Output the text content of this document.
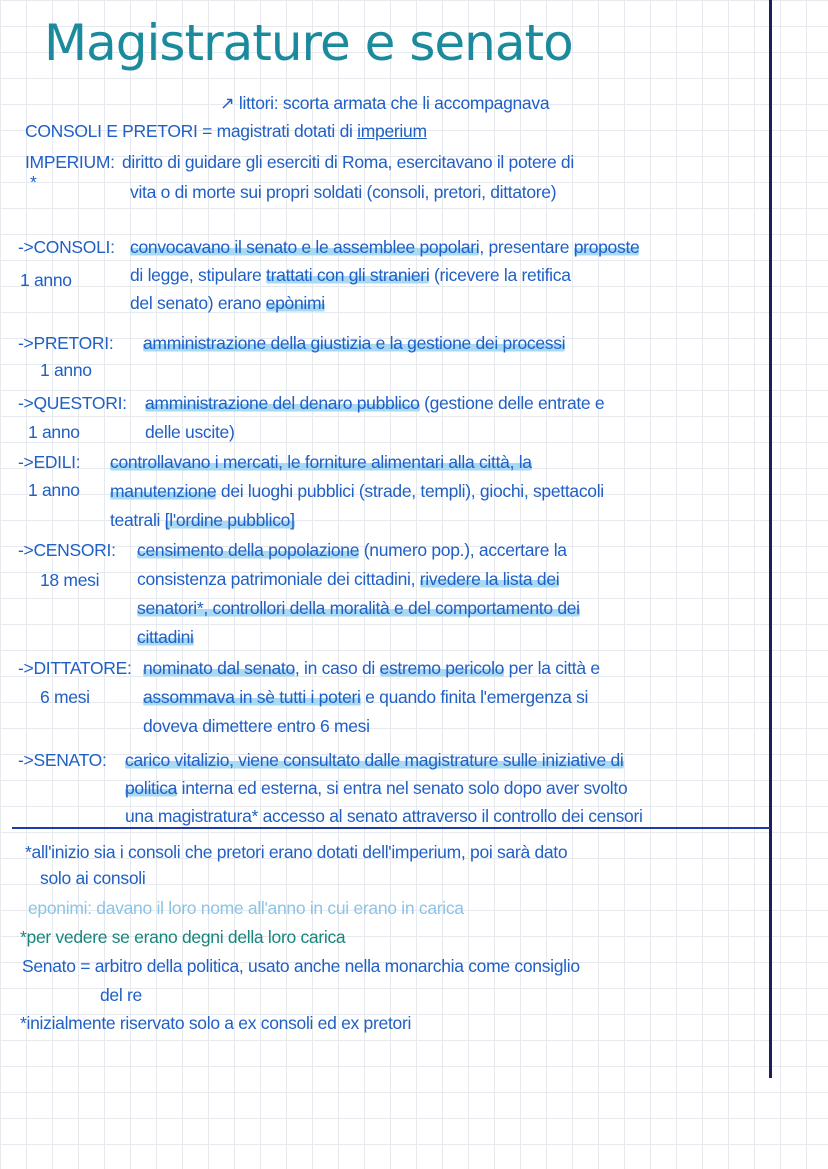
Magistrature e senato
↗ littori: scorta armata che li accompagnava
CONSOLI E PRETORI = magistrati dotati di imperium
IMPERIUM:
*
diritto di guidare gli eserciti di Roma, esercitavano il potere di
vita o di morte sui propri soldati (consoli, pretori, dittatore)
->CONSOLI:
1 anno
convocavano il senato e le assemblee popolari, presentare proposte
di legge, stipulare trattati con gli stranieri (ricevere la retifica
del senato) erano epònimi
->PRETORI:
1 anno
amministrazione della giustizia e la gestione dei processi
->QUESTORI:
1 anno
amministrazione del denaro pubblico (gestione delle entrate e
delle uscite)
->EDILI:
1 anno
controllavano i mercati, le forniture alimentari alla città, la
manutenzione dei luoghi pubblici (strade, templi), giochi, spettacoli
teatrali [l'ordine pubblico]
->CENSORI:
18 mesi
censimento della popolazione (numero pop.), accertare la
consistenza patrimoniale dei cittadini, rivedere la lista dei
senatori*, controllori della moralità e del comportamento dei
cittadini
->DITTATORE:
6 mesi
nominato dal senato, in caso di estremo pericolo per la città e
assommava in sè tutti i poteri e quando finita l'emergenza si
doveva dimettere entro 6 mesi
->SENATO: carico vitalizio, viene consultato dalle magistrature sulle iniziative di
politica interna ed esterna, si entra nel senato solo dopo aver svolto
una magistratura* accesso al senato attraverso il controllo dei censori
*all'inizio sia i consoli che pretori erano dotati dell'imperium, poi sarà dato
solo ai consoli
eponimi: davano il loro nome all'anno in cui erano in carica
*per vedere se erano degni della loro carica
Senato = arbitro della politica, usato anche nella monarchia come consiglio
del re
*inizialmente riservato solo a ex consoli ed ex pretori
